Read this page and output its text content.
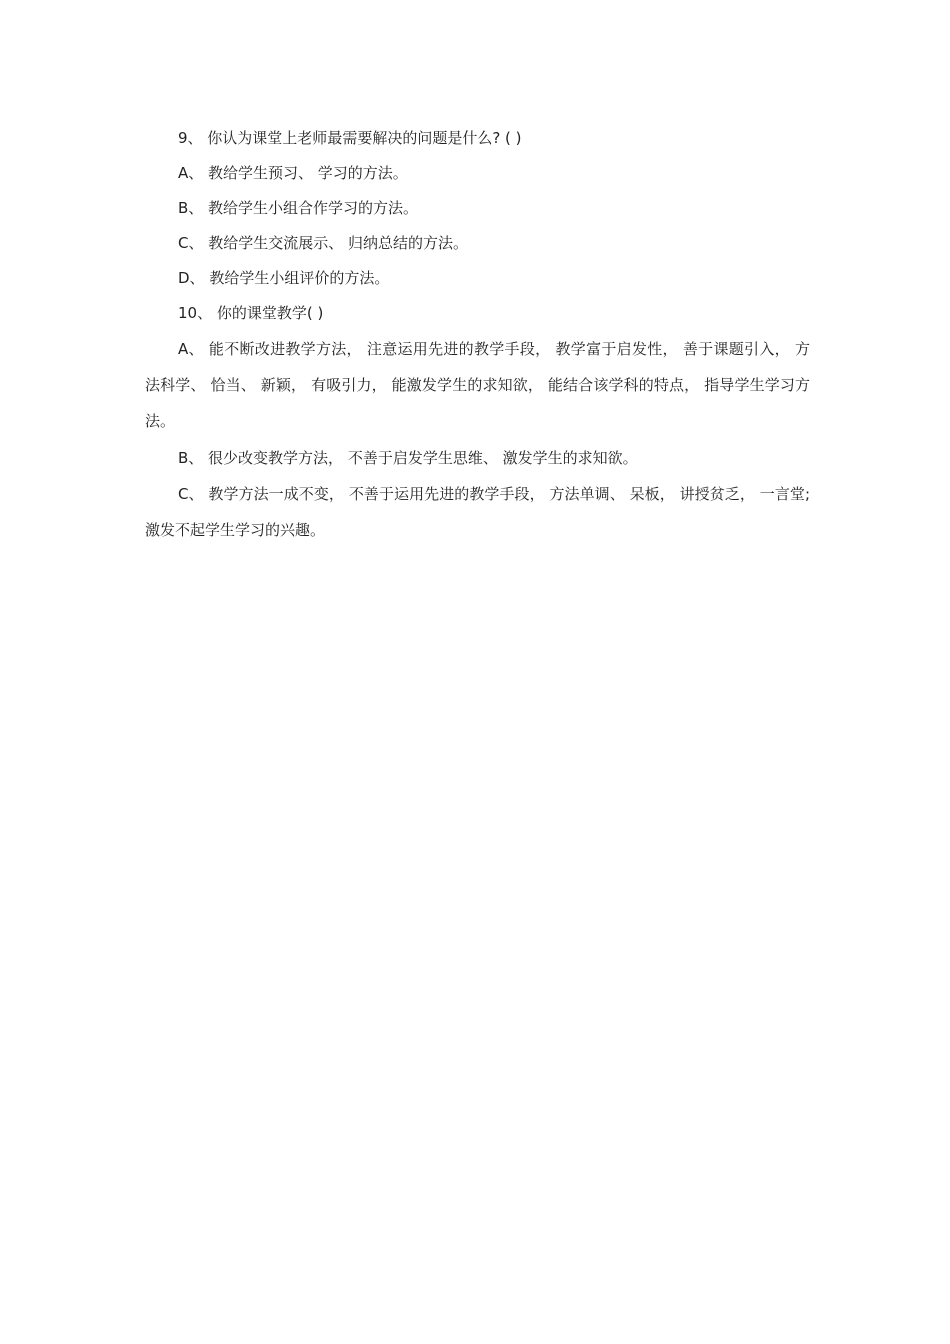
9、 你认为课堂上老师最需要解决的问题是什么? ( )
A、 教给学生预习、 学习的方法。
B、 教给学生小组合作学习的方法。
C、 教给学生交流展示、 归纳总结的方法。
D、 教给学生小组评价的方法。
10、 你的课堂教学( )
A、 能不断改进教学方法， 注意运用先进的教学手段， 教学富于启发性， 善于课题引入， 方法科学、 恰当、 新颖， 有吸引力， 能激发学生的求知欲， 能结合该学科的特点， 指导学生学习方法。
B、 很少改变教学方法， 不善于启发学生思维、 激发学生的求知欲。
C、 教学方法一成不变， 不善于运用先进的教学手段， 方法单调、 呆板， 讲授贫乏， 一言堂; 激发不起学生学习的兴趣。
